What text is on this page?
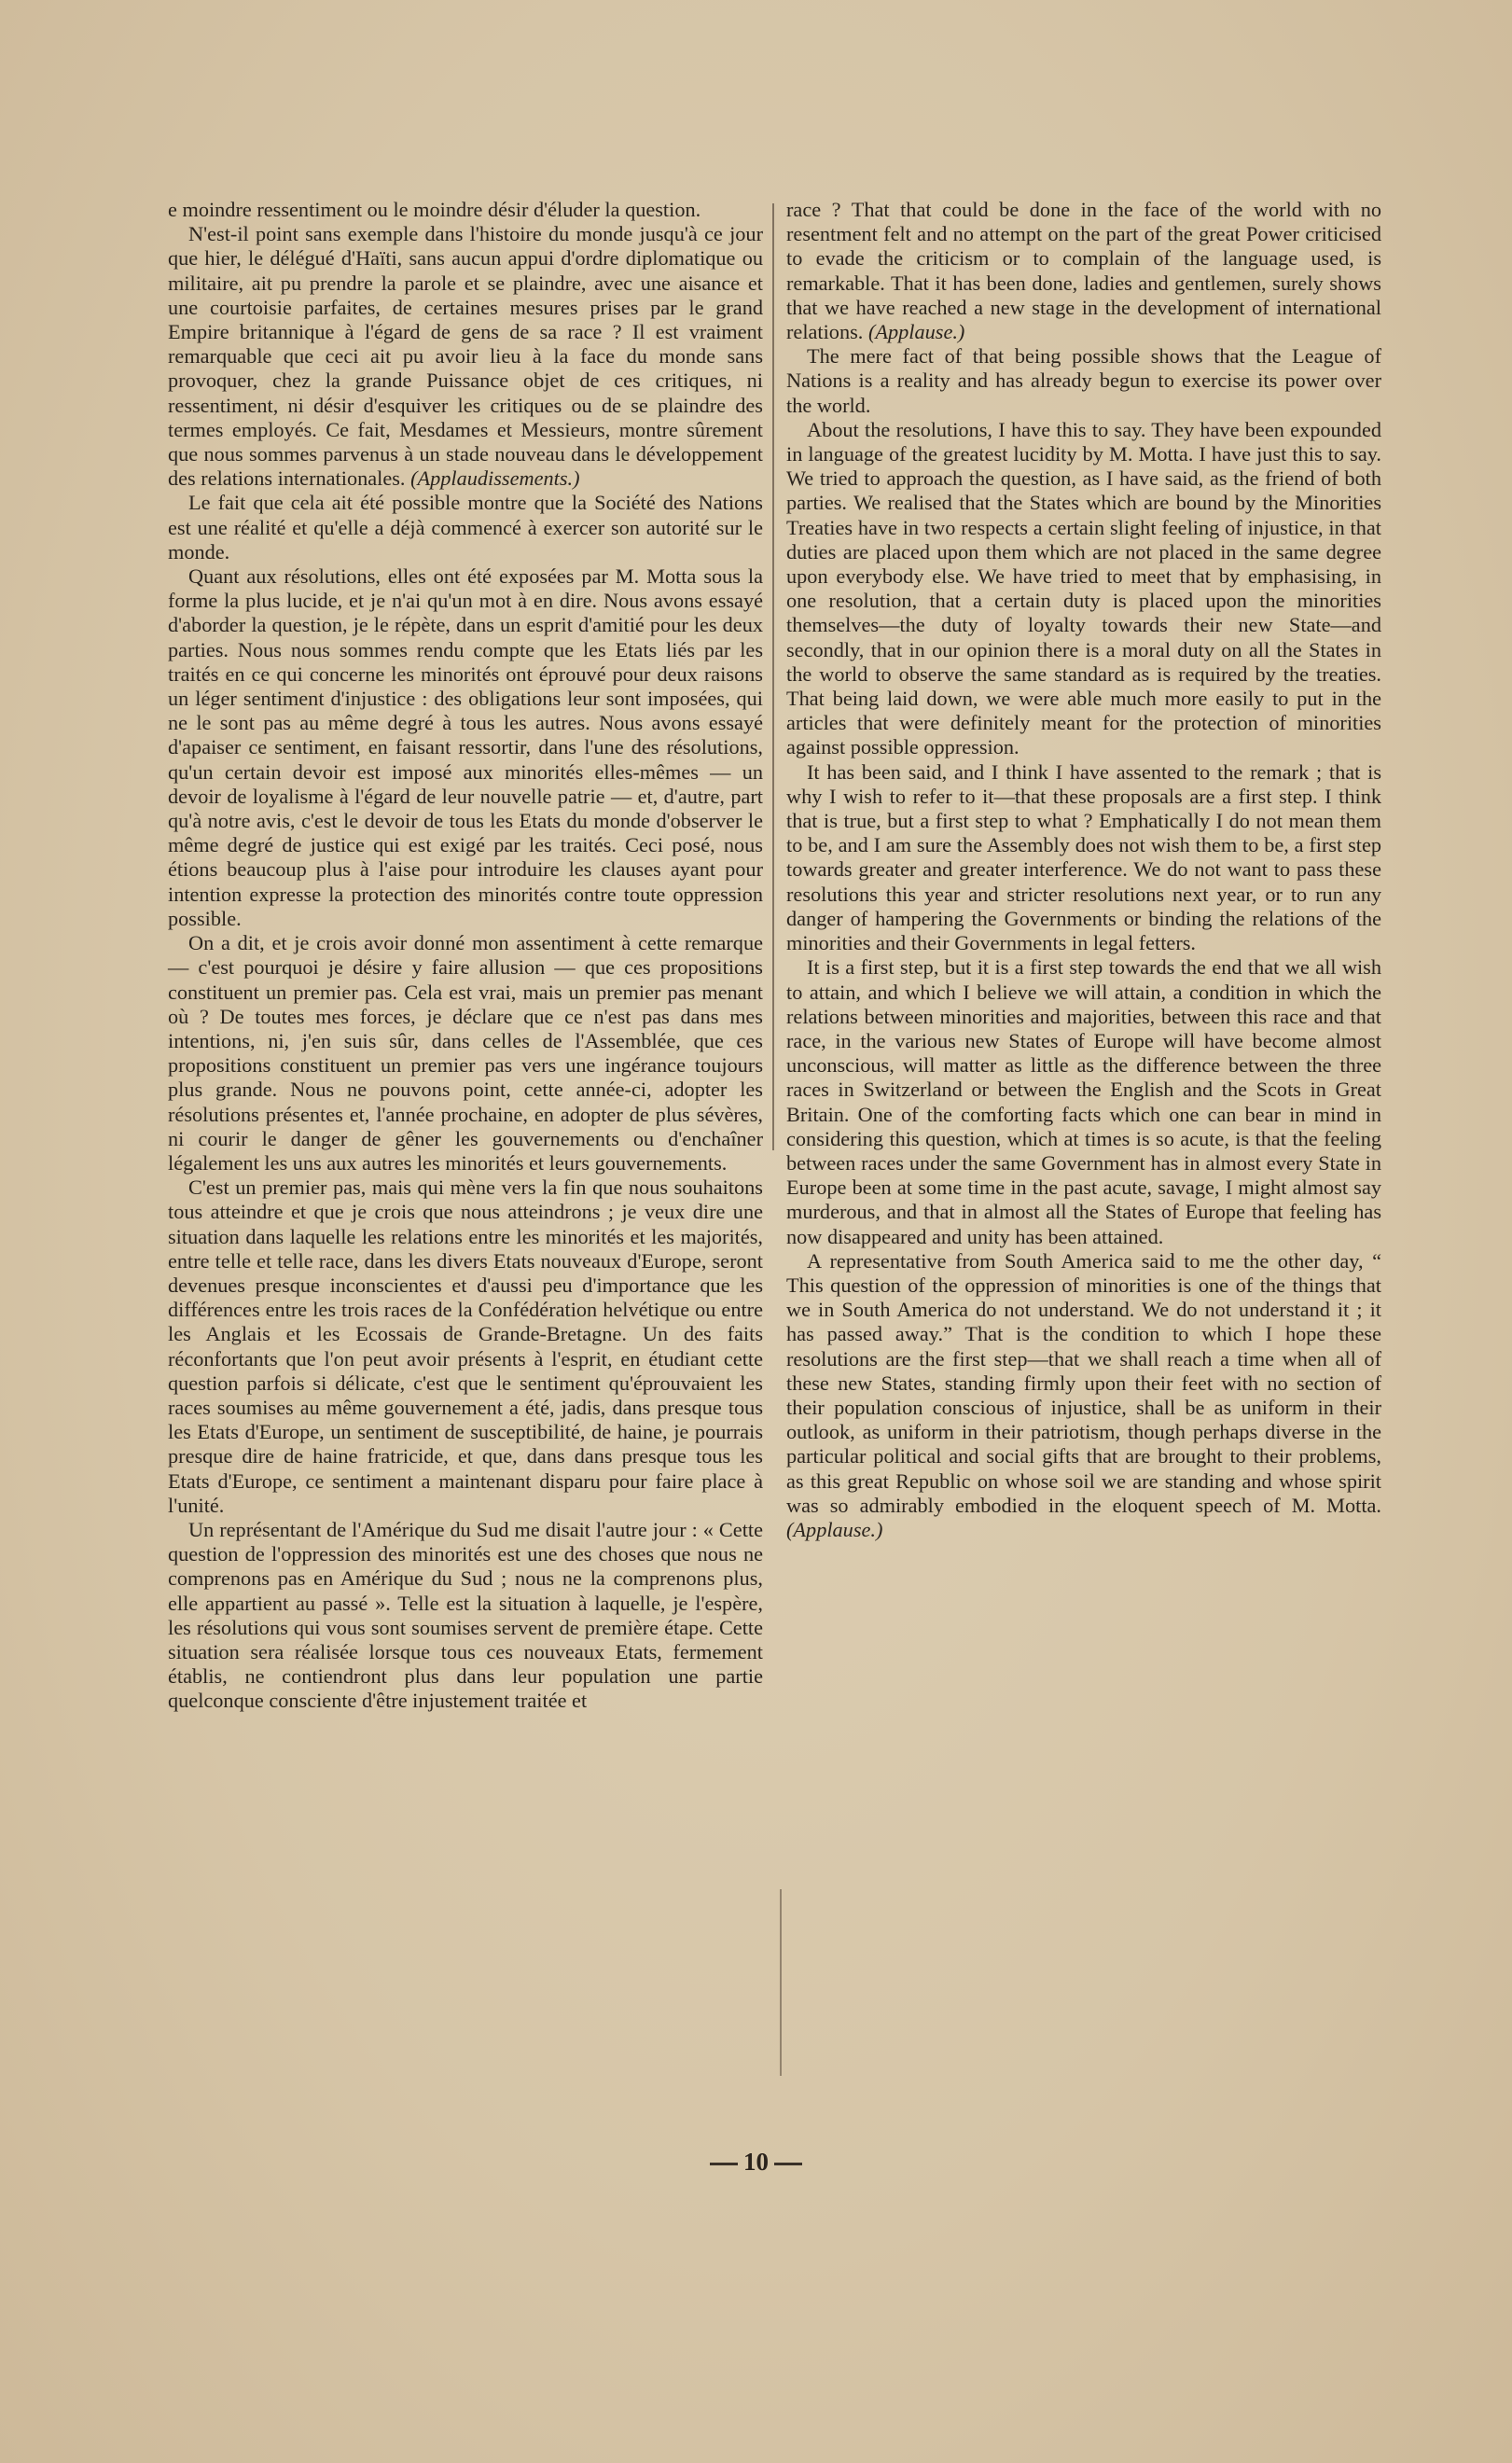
e moindre ressentiment ou le moindre désir d'éluder la question.

N'est-il point sans exemple dans l'histoire du monde jusqu'à ce jour que hier, le délégué d'Haïti, sans aucun appui d'ordre diplomatique ou militaire, ait pu prendre la parole et se plaindre, avec une aisance et une courtoisie parfaites, de certaines mesures prises par le grand Empire britannique à l'égard de gens de sa race ? Il est vraiment remarquable que ceci ait pu avoir lieu à la face du monde sans provoquer, chez la grande Puissance objet de ces critiques, ni ressentiment, ni désir d'esquiver les critiques ou de se plaindre des termes employés. Ce fait, Mesdames et Messieurs, montre sûrement que nous sommes parvenus à un stade nouveau dans le développement des relations internationales. (Applaudissements.)

Le fait que cela ait été possible montre que la Société des Nations est une réalité et qu'elle a déjà commencé à exercer son autorité sur le monde.

Quant aux résolutions, elles ont été exposées par M. Motta sous la forme la plus lucide, et je n'ai qu'un mot à en dire. Nous avons essayé d'aborder la question, je le répète, dans un esprit d'amitié pour les deux parties. Nous nous sommes rendu compte que les Etats liés par les traités en ce qui concerne les minorités ont éprouvé pour deux raisons un léger sentiment d'injustice : des obligations leur sont imposées, qui ne le sont pas au même degré à tous les autres. Nous avons essayé d'apaiser ce sentiment, en faisant ressortir, dans l'une des résolutions, qu'un certain devoir est imposé aux minorités elles-mêmes — un devoir de loyalisme à l'égard de leur nouvelle patrie — et, d'autre, part qu'à notre avis, c'est le devoir de tous les Etats du monde d'observer le même degré de justice qui est exigé par les traités. Ceci posé, nous étions beaucoup plus à l'aise pour introduire les clauses ayant pour intention expresse la protection des minorités contre toute oppression possible.

On a dit, et je crois avoir donné mon assentiment à cette remarque — c'est pourquoi je désire y faire allusion — que ces propositions constituent un premier pas. Cela est vrai, mais un premier pas menant où ? De toutes mes forces, je déclare que ce n'est pas dans mes intentions, ni, j'en suis sûr, dans celles de l'Assemblée, que ces propositions constituent un premier pas vers une ingérance toujours plus grande. Nous ne pouvons point, cette année-ci, adopter les résolutions présentes et, l'année prochaine, en adopter de plus sévères, ni courir le danger de gêner les gouvernements ou d'enchaîner légalement les uns aux autres les minorités et leurs gouvernements.

C'est un premier pas, mais qui mène vers la fin que nous souhaitons tous atteindre et que je crois que nous atteindrons ; je veux dire une situation dans laquelle les relations entre les minorités et les majorités, entre telle et telle race, dans les divers Etats nouveaux d'Europe, seront devenues presque inconscientes et d'aussi peu d'importance que les différences entre les trois races de la Confédération helvétique ou entre les Anglais et les Ecossais de Grande-Bretagne. Un des faits réconfortants que l'on peut avoir présents à l'esprit, en étudiant cette question parfois si délicate, c'est que le sentiment qu'éprouvaient les races soumises au même gouvernement a été, jadis, dans presque tous les Etats d'Europe, un sentiment de susceptibilité, de haine, je pourrais presque dire de haine fratricide, et que, dans dans presque tous les Etats d'Europe, ce sentiment a maintenant disparu pour faire place à l'unité.

Un représentant de l'Amérique du Sud me disait l'autre jour : « Cette question de l'oppression des minorités est une des choses que nous ne comprenons pas en Amérique du Sud ; nous ne la comprenons plus, elle appartient au passé ». Telle est la situation à laquelle, je l'espère, les résolutions qui vous sont soumises servent de première étape. Cette situation sera réalisée lorsque tous ces nouveaux Etats, fermement établis, ne contiendront plus dans leur population une partie quelconque consciente d'être injustement traitée et

race ? That that could be done in the face of the world with no resentment felt and no attempt on the part of the great Power criticised to evade the criticism or to complain of the language used, is remarkable. That it has been done, ladies and gentlemen, surely shows that we have reached a new stage in the development of international relations. (Applause.)

The mere fact of that being possible shows that the League of Nations is a reality and has already begun to exercise its power over the world.

About the resolutions, I have this to say. They have been expounded in language of the greatest lucidity by M. Motta. I have just this to say. We tried to approach the question, as I have said, as the friend of both parties. We realised that the States which are bound by the Minorities Treaties have in two respects a certain slight feeling of injustice, in that duties are placed upon them which are not placed in the same degree upon everybody else. We have tried to meet that by emphasising, in one resolution, that a certain duty is placed upon the minorities themselves—the duty of loyalty towards their new State—and secondly, that in our opinion there is a moral duty on all the States in the world to observe the same standard as is required by the treaties. That being laid down, we were able much more easily to put in the articles that were definitely meant for the protection of minorities against possible oppression.

It has been said, and I think I have assented to the remark ; that is why I wish to refer to it—that these proposals are a first step. I think that is true, but a first step to what ? Emphatically I do not mean them to be, and I am sure the Assembly does not wish them to be, a first step towards greater and greater interference. We do not want to pass these resolutions this year and stricter resolutions next year, or to run any danger of hampering the Governments or binding the relations of the minorities and their Governments in legal fetters.

It is a first step, but it is a first step towards the end that we all wish to attain, and which I believe we will attain, a condition in which the relations between minorities and majorities, between this race and that race, in the various new States of Europe will have become almost unconscious, will matter as little as the difference between the three races in Switzerland or between the English and the Scots in Great Britain. One of the comforting facts which one can bear in mind in considering this question, which at times is so acute, is that the feeling between races under the same Government has in almost every State in Europe been at some time in the past acute, savage, I might almost say murderous, and that in almost all the States of Europe that feeling has now disappeared and unity has been attained.

A representative from South America said to me the other day, “ This question of the oppression of minorities is one of the things that we in South America do not understand. We do not understand it ; it has passed away.” That is the condition to which I hope these resolutions are the first step—that we shall reach a time when all of these new States, standing firmly upon their feet with no section of their population conscious of injustice, shall be as uniform in their outlook, as uniform in their patriotism, though perhaps diverse in the particular political and social gifts that are brought to their problems, as this great Republic on whose soil we are standing and whose spirit was so admirably embodied in the eloquent speech of M. Motta. (Applause.)

10
